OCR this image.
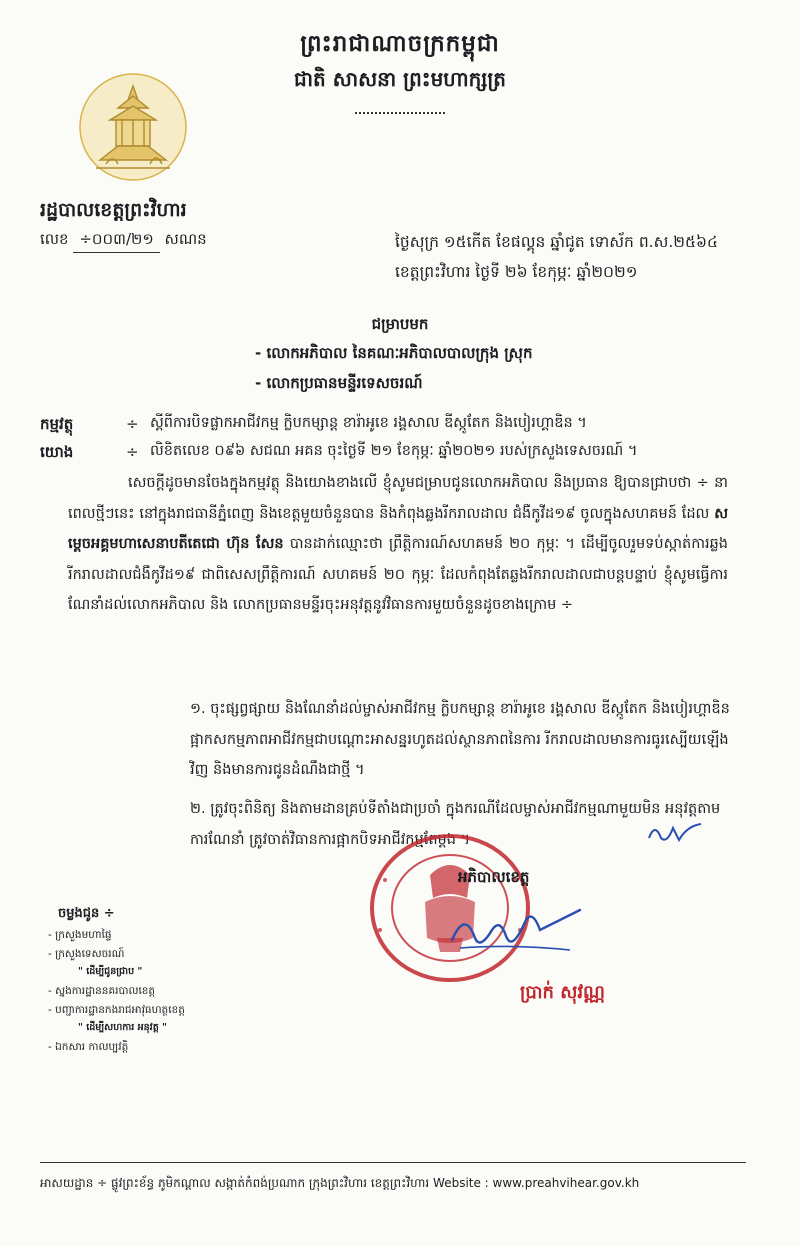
ព្រះរាជាណាចក្រកម្ពុជា
ជាតិ សាសនា ព្រះមហាក្សត្រ
រដ្ឋបាលខេត្តព្រះវិហារ
លេខ ÷០០៣/២១ សណន	ថ្ងៃសុក្រ ១៥កើត ខែផល្គុន ឆ្នាំជូត ទោស័ក ព.ស.២៥៦៤
ខេត្តព្រះវិហារ ថ្ងៃទី ២៦ ខែកុម្ភៈ ឆ្នាំ២០២១
ជម្រាបមក
- លោកអភិបាល នៃគណៈអភិបាលបាលក្រុង ស្រុក
- លោកប្រធានមន្ទីរទេសចរណ៍
កម្មវត្ថុ	÷ ស្តីពីការបិទផ្លាកអាជីវកម្ម ក្លិបកម្សាន្ត ខារ៉ាអូខេ រង្គសាល ឌីស្កូតែក និងបៀរហ្គាឌិន ។
យោង	÷ លិខិតលេខ ០៩៦ សជណ អគន ចុះថ្ងៃទី ២១ ខែកុម្ភៈ ឆ្នាំ២០២១ របស់ក្រសួងទេសចរណ៍ ។
សេចក្តីដូចមានចែងក្នុងកម្មវត្ថុ និងយោងខាងលើ ខ្ញុំសូមជម្រាបជូនលោកអភិបាល និងប្រធាន ឱ្យបានជ្រាបថា ÷ នាពេលថ្មីៗនេះ នៅក្នុងរាជធានីភ្នំពេញ និងខេត្តមួយចំនួនបាន និងកំពុងឆ្លងរីករាលដាល ជំងឺកូវីដ១៩ ចូលក្នុងសហគមន៍ ដែល សម្តេចអគ្គមហាសេនាបតីតេជោ ហ៊ុន សែន បានដាក់ឈ្មោះថា ព្រឹត្តិការណ៍សហគមន៍ ២០ កុម្ភៈ ។ ដើម្បីចូលរួមទប់ស្កាត់ការឆ្លងរីករាលដាលជំងឺកូវីដ១៩ ជាពិសេសព្រឹត្តិការណ៍ សហគមន៍ ២០ កុម្ភៈ ដែលកំពុងតែឆ្លងរីករាលដាលជាបន្តបន្ទាប់ ខ្ញុំសូមធ្វើការណែនាំដល់លោកអភិបាល និង លោកប្រធានមន្ទីរចុះអនុវត្តនូវវិធានការមួយចំនួនដូចខាងក្រោម ÷
១. ចុះផ្សព្វផ្សាយ និងណែនាំដល់ម្ចាស់អាជីវកម្ម ក្លិបកម្សាន្ត ខារ៉ាអូខេ រង្គសាល ឌីស្កូតែក និងបៀរហ្គាឌិន ផ្អាកសកម្មភាពអាជីវកម្មជាបណ្តោះអាសន្នរហូតដល់ស្ថានភាពនៃការ រីករាលដាលមានការធូរស្បើយឡើងវិញ និងមានការជូនដំណឹងជាថ្មី ។
២. ត្រូវចុះពិនិត្យ និងតាមដានគ្រប់ទីតាំងជាប្រចាំ ក្នុងករណីដែលម្ចាស់អាជីវកម្មណាមួយមិន អនុវត្តតាមការណែនាំ ត្រូវចាត់វិធានការផ្អាកបិទអាជីវកម្មតែម្តង ។
អភិបាលខេត្ត
ប្រាក់ សុវណ្ណ
ចម្លងជូន ÷
- ក្រសួងមហាផ្ទៃ
- ក្រសួងទេសចរណ៍
" ដើម្បីជូនជ្រាប "
- ស្នងការដ្ឋាននគរបាលខេត្ត
- បញ្ជាការដ្ឋានកងរាជអាវុធហត្ថខេត្ត
" ដើម្បីសហការ អនុវត្ត "
- ឯកសារ កាលប្បវត្តិ
អាសយដ្ឋាន ÷ ផ្លូវព្រះខ័ន្ធ ភូមិកណ្តាល សង្កាត់កំពង់ប្រណាក ក្រុងព្រះវិហារ ខេត្តព្រះវិហារ Website : www.preahvihear.gov.kh
